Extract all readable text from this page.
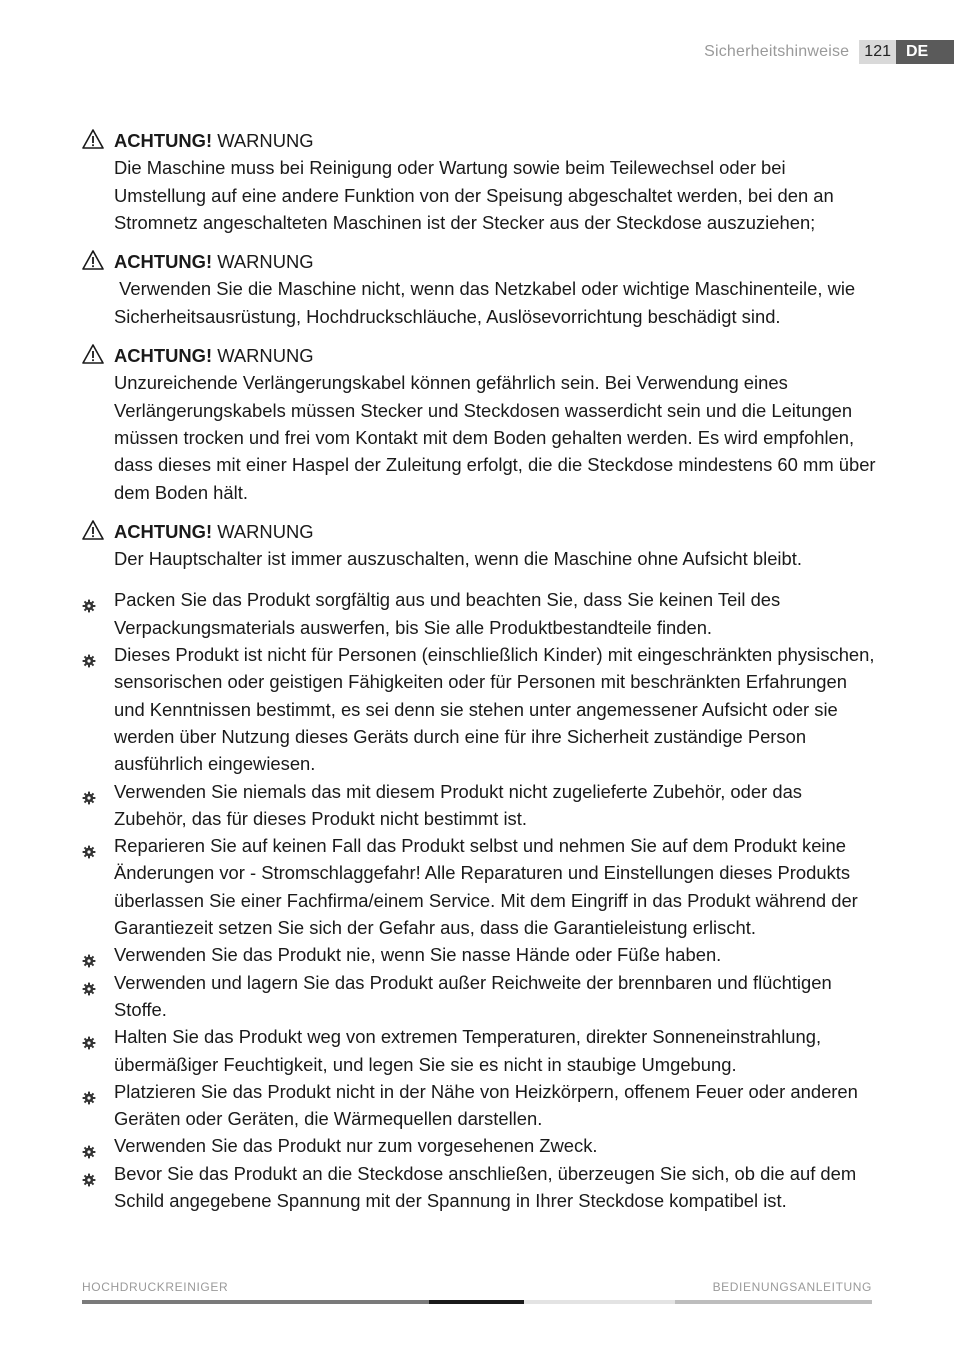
Sicherheitshinweise 121 DE
ACHTUNG! WARNUNG
Die Maschine muss bei Reinigung oder Wartung sowie beim Teilewechsel oder bei Umstellung auf eine andere Funktion von der Speisung abgeschaltet werden, bei den an Stromnetz angeschalteten Maschinen ist der Stecker aus der Steckdose auszuziehen;
ACHTUNG! WARNUNG
Verwenden Sie die Maschine nicht, wenn das Netzkabel oder wichtige Maschinenteile, wie Sicherheitsausrüstung, Hochdruckschläuche, Auslösevorrichtung beschädigt sind.
ACHTUNG! WARNUNG
Unzureichende Verlängerungskabel können gefährlich sein. Bei Verwendung eines Verlängerungskabels müssen Stecker und Steckdosen wasserdicht sein und die Leitungen müssen trocken und frei vom Kontakt mit dem Boden gehalten werden. Es wird empfohlen, dass dieses mit einer Haspel der Zuleitung erfolgt, die die Steckdose mindestens 60 mm über dem Boden hält.
ACHTUNG! WARNUNG
Der Hauptschalter ist immer auszuschalten, wenn die Maschine ohne Aufsicht bleibt.
Packen Sie das Produkt sorgfältig aus und beachten Sie, dass Sie keinen Teil des Verpackungsmaterials auswerfen, bis Sie alle Produktbestandteile finden.
Dieses Produkt ist nicht für Personen (einschließlich Kinder) mit eingeschränkten physischen, sensorischen oder geistigen Fähigkeiten oder für Personen mit beschränkten Erfahrungen und Kenntnissen bestimmt, es sei denn sie stehen unter angemessener Aufsicht oder sie werden über Nutzung dieses Geräts durch eine für ihre Sicherheit zuständige Person ausführlich eingewiesen.
Verwenden Sie niemals das mit diesem Produkt nicht zugelieferte Zubehör, oder das Zubehör, das für dieses Produkt nicht bestimmt ist.
Reparieren Sie auf keinen Fall das Produkt selbst und nehmen Sie auf dem Produkt keine Änderungen vor - Stromschlaggefahr! Alle Reparaturen und Einstellungen dieses Produkts überlassen Sie einer Fachfirma/einem Service. Mit dem Eingriff in das Produkt während der Garantiezeit setzen Sie sich der Gefahr aus, dass die Garantieleistung erlischt.
Verwenden Sie das Produkt nie, wenn Sie nasse Hände oder Füße haben.
Verwenden und lagern Sie das Produkt außer Reichweite der brennbaren und flüchtigen Stoffe.
Halten Sie das Produkt weg von extremen Temperaturen, direkter Sonneneinstrahlung, übermäßiger Feuchtigkeit, und legen Sie sie es nicht in staubige Umgebung.
Platzieren Sie das Produkt nicht in der Nähe von Heizkörpern, offenem Feuer oder anderen Geräten oder Geräten, die Wärmequellen darstellen.
Verwenden Sie das Produkt nur zum vorgesehenen Zweck.
Bevor Sie das Produkt an die Steckdose anschließen, überzeugen Sie sich, ob die auf dem Schild angegebene Spannung mit der Spannung in Ihrer Steckdose kompatibel ist.
HOCHDRUCKREINIGER	BEDIENUNGSANLEITUNG
